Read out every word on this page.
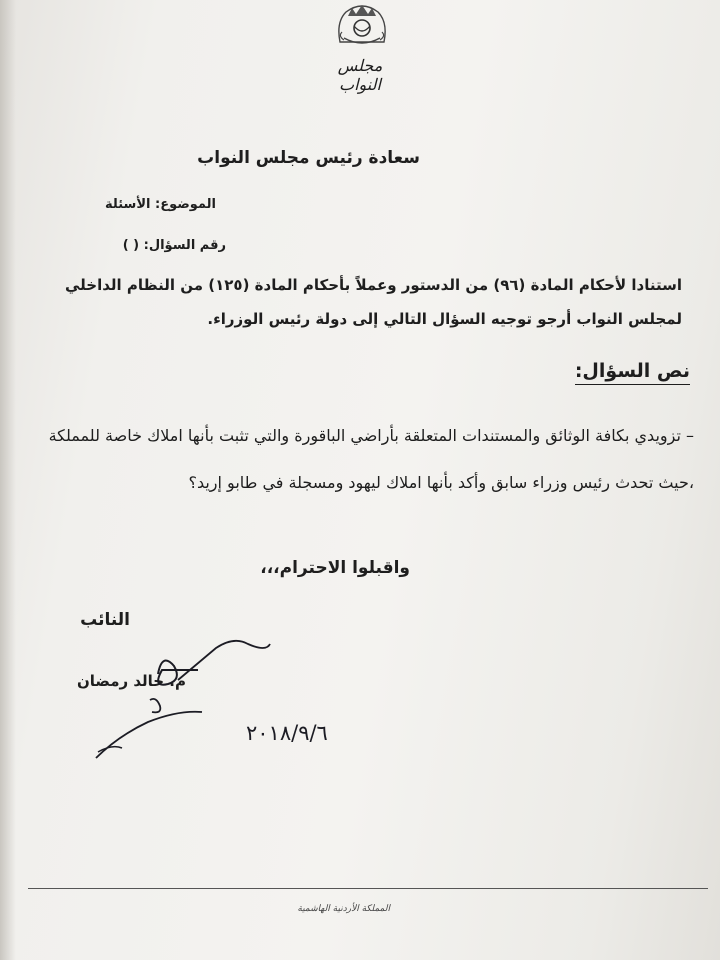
مجلس النواب
سعادة رئيس مجلس النواب
الموضوع: الأسئلة
رقم السؤال: ( )
استنادا لأحكام المادة (٩٦) من الدستور وعملاً بأحكام المادة (١٢٥) من النظام الداخلي لمجلس النواب أرجو توجيه السؤال التالي إلى دولة رئيس الوزراء.
نص السؤال:
– تزويدي بكافة الوثائق والمستندات المتعلقة بأراضي الباقورة والتي تثبت بأنها املاك خاصة للمملكة ،حيث تحدث رئيس وزراء سابق وأكد بأنها املاك ليهود ومسجلة في طابو إريد؟
واقبلوا الاحترام،،،
النائب
م. خالد رمضان
٢٠١٨/٩/٦
المملكة الأردنية الهاشمية
